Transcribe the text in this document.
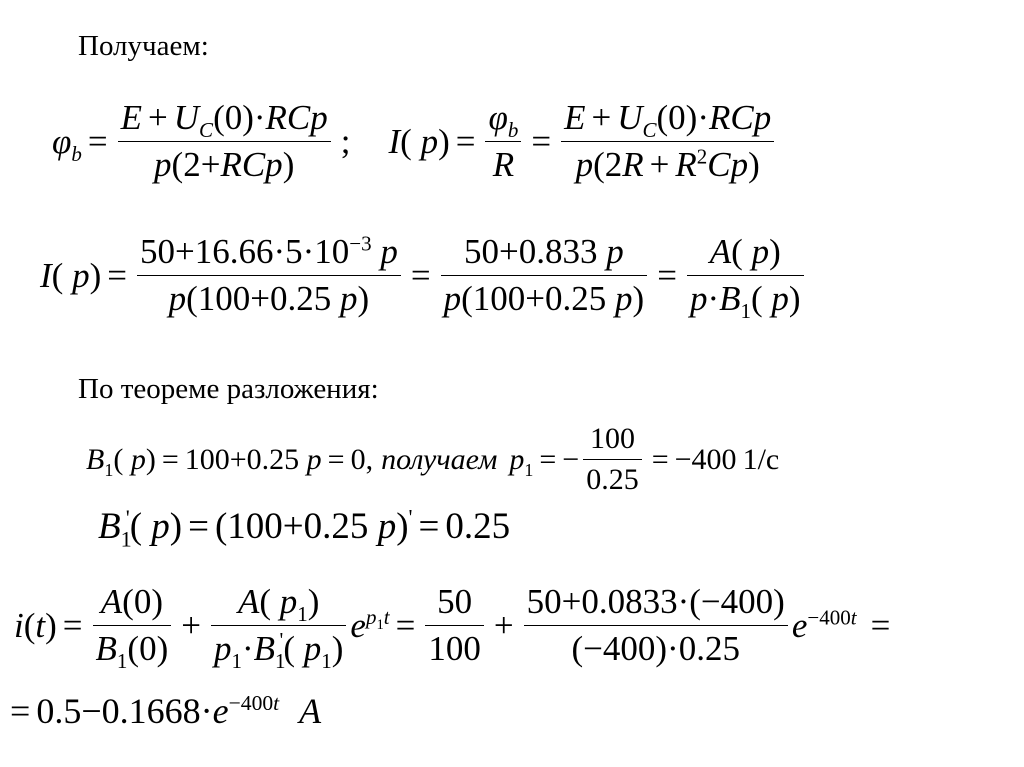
Получаем:
$\varphi_b = \frac{E + U_C(0)\cdot RCp}{\text{p(2+RCp)}}$ ; I( $p) = \frac{\varphi_b}{R} = \frac{E + U_C(0)\cdot RCp}{p(2R + R^2Cp)}$
I( $p) = \frac{50+16.66\cdot 5\cdot 10^{-3} p}{p(100+0.25 p)} = \frac{50+0.833 p}{p(100+0.25 p)} = \frac{A( p)}{p\cdot B_1( p)}$
По теореме разложения:
$B_1$( p) = 100+0.25 p = 0, получаем $p_1$ = − $\frac{100}{0.25} = -400$ 1/c
$B_1'$( p) = (100+0.25 p )' = 0.25
$i(t) = \frac{A(0)}{B_1(0)} + \frac{A( p_1)}{p_1\cdot B_1'( p_1)} e^{p_1t} = \frac{50}{100} + \frac{50+0.0833\cdot(-400)}{(-400)\cdot 0.25} e^{-400t}$ =
= $0.5-0.1668\cdot e^{-400t}$ A
